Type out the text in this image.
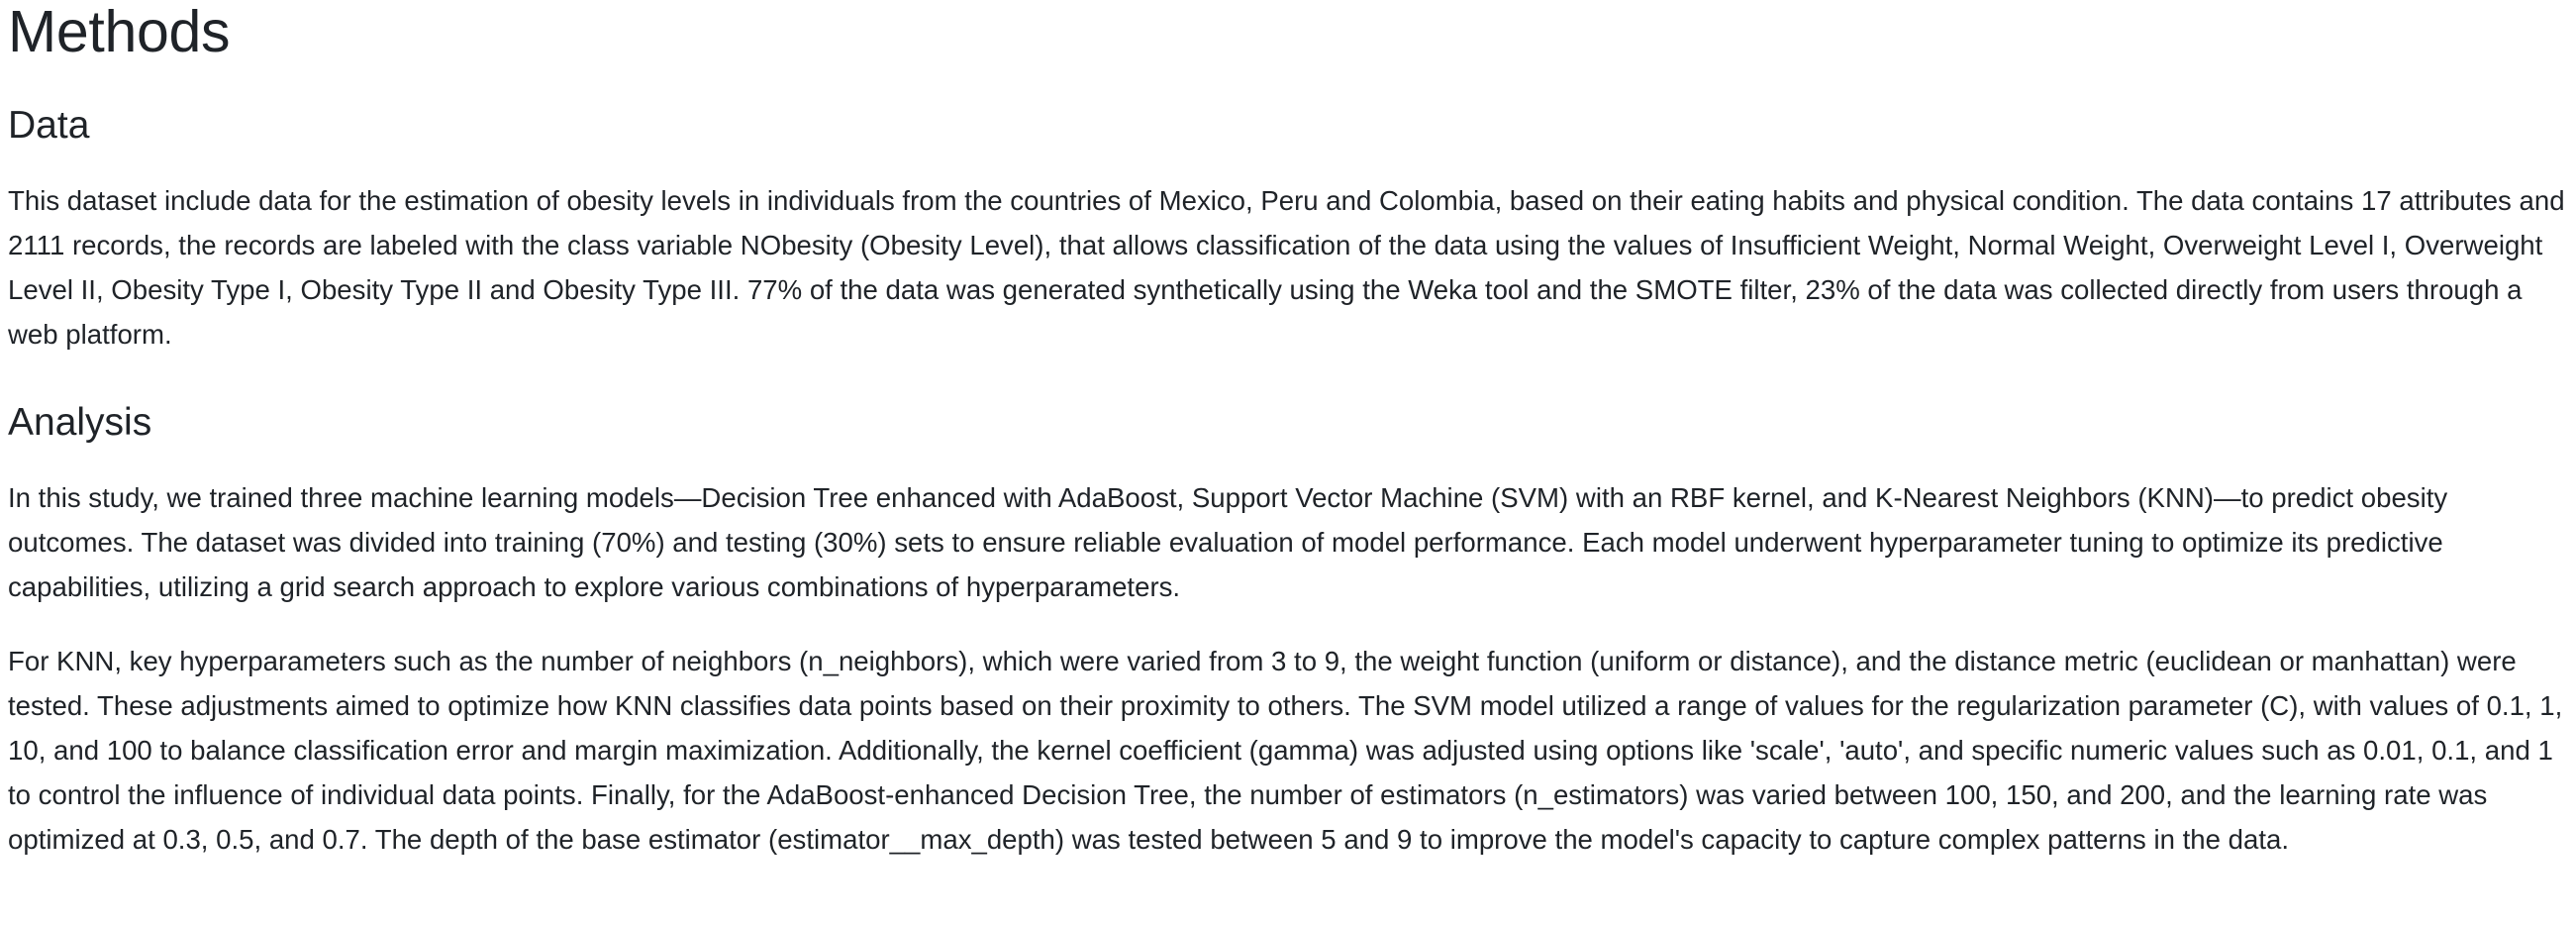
Methods
Data

This dataset include data for the estimation of obesity levels in individuals from the countries of Mexico, Peru and Colombia, based on their eating habits and physical condition. The data contains 17 attributes and 2111 records, the records are labeled with the class variable NObesity (Obesity Level), that allows classification of the data using the values of Insufficient Weight, Normal Weight, Overweight Level I, Overweight Level II, Obesity Type I, Obesity Type II and Obesity Type III. 77% of the data was generated synthetically using the Weka tool and the SMOTE filter, 23% of the data was collected directly from users through a web platform.

Analysis

In this study, we trained three machine learning models—Decision Tree enhanced with AdaBoost, Support Vector Machine (SVM) with an RBF kernel, and K-Nearest Neighbors (KNN)—to predict obesity outcomes. The dataset was divided into training (70%) and testing (30%) sets to ensure reliable evaluation of model performance. Each model underwent hyperparameter tuning to optimize its predictive capabilities, utilizing a grid search approach to explore various combinations of hyperparameters.

For KNN, key hyperparameters such as the number of neighbors (n_neighbors), which were varied from 3 to 9, the weight function (uniform or distance), and the distance metric (euclidean or manhattan) were tested. These adjustments aimed to optimize how KNN classifies data points based on their proximity to others. The SVM model utilized a range of values for the regularization parameter (C), with values of 0.1, 1, 10, and 100 to balance classification error and margin maximization. Additionally, the kernel coefficient (gamma) was adjusted using options like 'scale', 'auto', and specific numeric values such as 0.01, 0.1, and 1 to control the influence of individual data points. Finally, for the AdaBoost-enhanced Decision Tree, the number of estimators (n_estimators) was varied between 100, 150, and 200, and the learning rate was optimized at 0.3, 0.5, and 0.7. The depth of the base estimator (estimator__max_depth) was tested between 5 and 9 to improve the model's capacity to capture complex patterns in the data.
